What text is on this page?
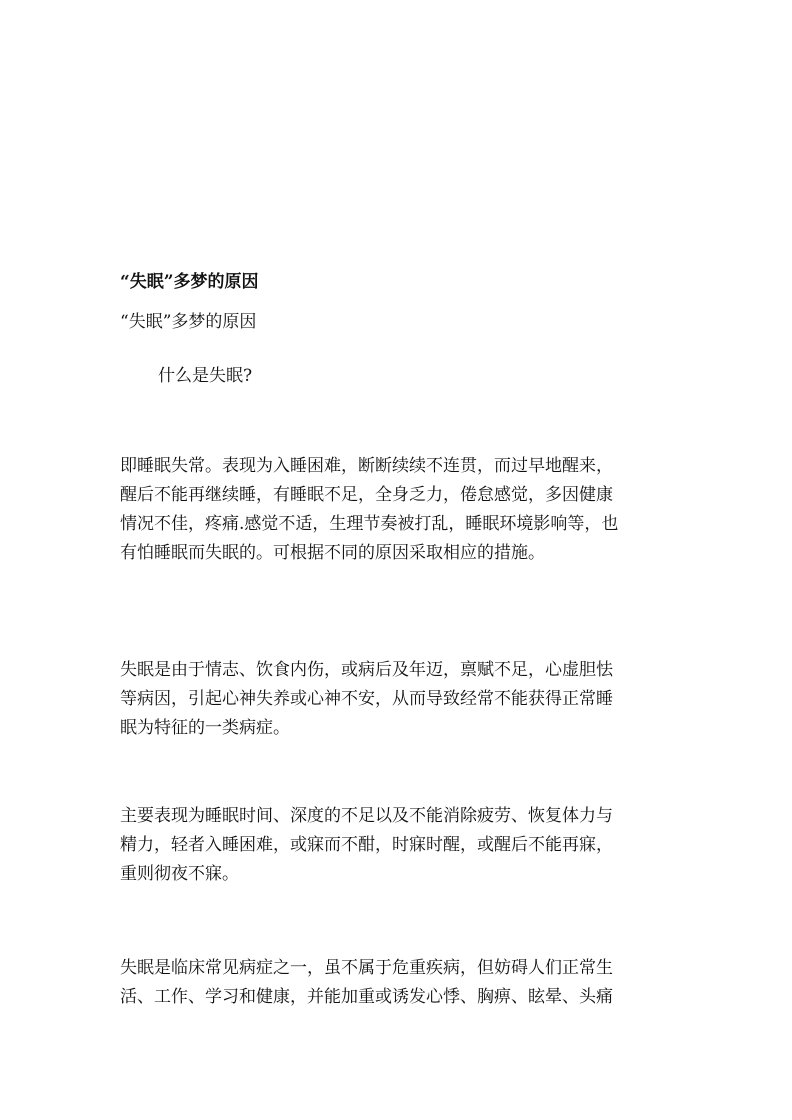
“失眠”多梦的原因
“失眠”多梦的原因
什么是失眠?

即睡眠失常。表现为入睡困难，断断续续不连贯，而过早地醒来，
醒后不能再继续睡，有睡眠不足，全身乏力，倦怠感觉，多因健康
情况不佳，疼痛.感觉不适，生理节奏被打乱，睡眠环境影响等，也
有怕睡眠而失眠的。可根据不同的原因采取相应的措施。

失眠是由于情志、饮食内伤，或病后及年迈，禀赋不足，心虚胆怯
等病因，引起心神失养或心神不安，从而导致经常不能获得正常睡
眠为特征的一类病症。

主要表现为睡眠时间、深度的不足以及不能消除疲劳、恢复体力与
精力，轻者入睡困难，或寐而不酣，时寐时醒，或醒后不能再寐，
重则彻夜不寐。

失眠是临床常见病症之一，虽不属于危重疾病，但妨碍人们正常生
活、工作、学习和健康，并能加重或诱发心悸、胸痹、眩晕、头痛
